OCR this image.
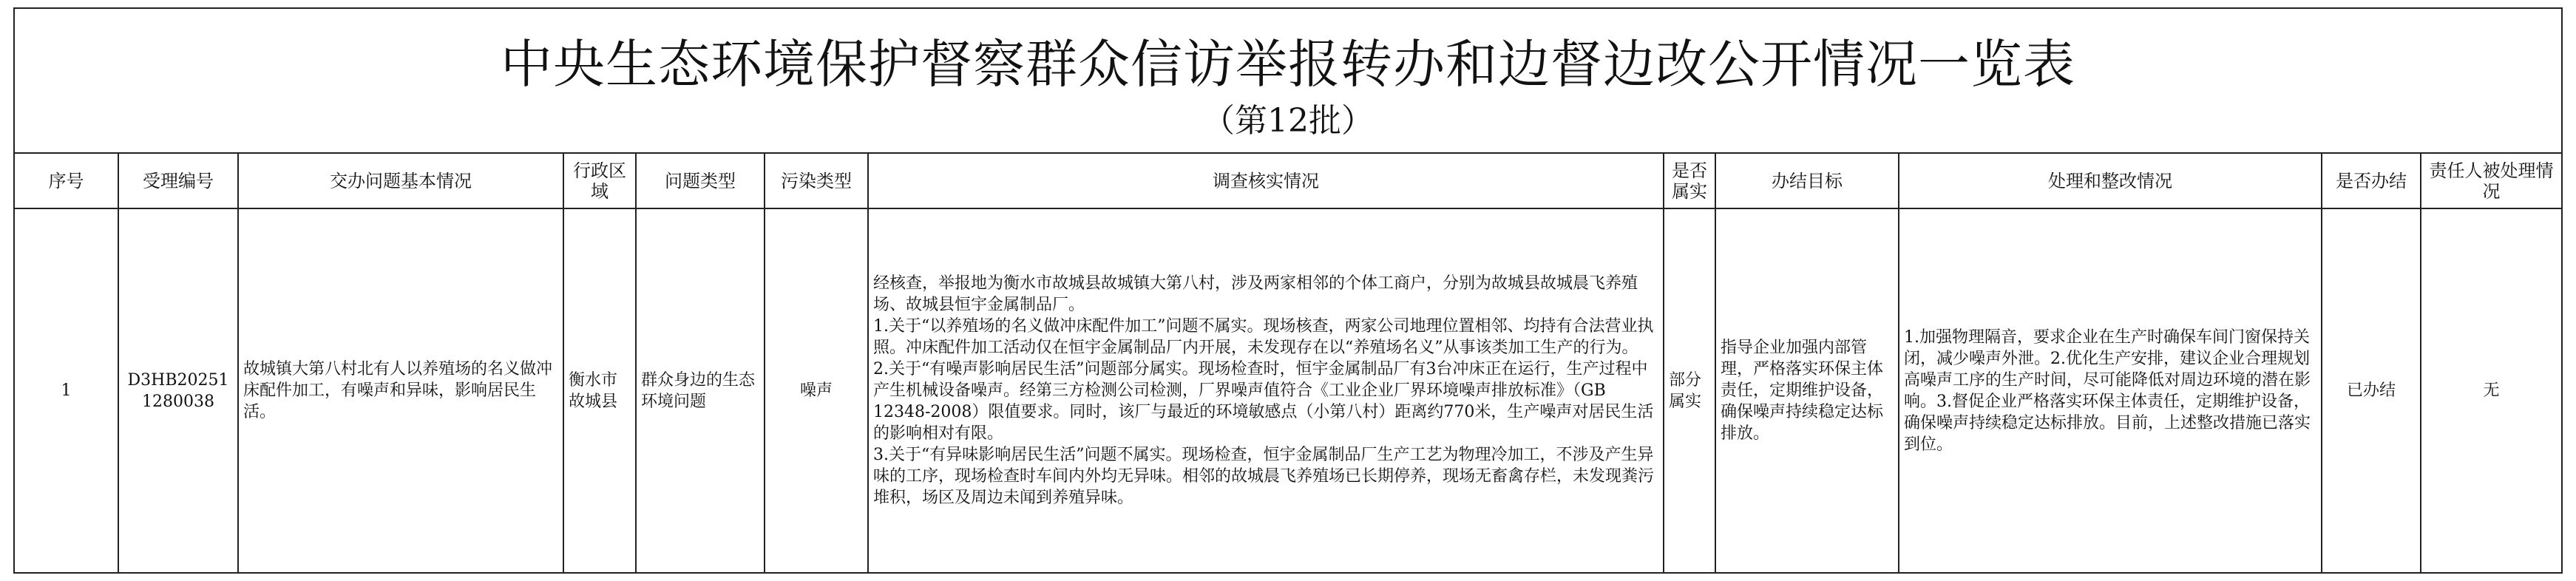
中央生态环境保护督察群众信访举报转办和边督边改公开情况一览表
（第12批）
序号	受理编号	交办问题基本情况	行政区域	问题类型	污染类型	调查核实情况	是否属实	办结目标	处理和整改情况	是否办结	责任人被处理情况
1	D3HB202511280038	故城镇大第八村北有人以养殖场的名义做冲床配件加工，有噪声和异味，影响居民生活。	衡水市故城县	群众身边的生态环境问题	噪声	经核查，举报地为衡水市故城县故城镇大第八村，涉及两家相邻的个体工商户，分别为故城县故城晨飞养殖场、故城县恒宇金属制品厂。
1.关于“以养殖场的名义做冲床配件加工”问题不属实。现场核查，两家公司地理位置相邻、均持有合法营业执照。冲床配件加工活动仅在恒宇金属制品厂内开展，未发现存在以“养殖场名义”从事该类加工生产的行为。
2.关于“有噪声影响居民生活”问题部分属实。现场检查时，恒宇金属制品厂有3台冲床正在运行，生产过程中产生机械设备噪声。经第三方检测公司检测，厂界噪声值符合《工业企业厂界环境噪声排放标准》（GB 12348-2008）限值要求。同时，该厂与最近的环境敏感点（小第八村）距离约770米，生产噪声对居民生活的影响相对有限。
3.关于“有异味影响居民生活”问题不属实。现场检查，恒宇金属制品厂生产工艺为物理冷加工，不涉及产生异味的工序，现场检查时车间内外均无异味。相邻的故城晨飞养殖场已长期停养，现场无畜禽存栏，未发现粪污堆积，场区及周边未闻到养殖异味。	部分属实	指导企业加强内部管理，严格落实环保主体责任，定期维护设备，确保噪声持续稳定达标排放。	1.加强物理隔音，要求企业在生产时确保车间门窗保持关闭，减少噪声外泄。2.优化生产安排，建议企业合理规划高噪声工序的生产时间，尽可能降低对周边环境的潜在影响。3.督促企业严格落实环保主体责任，定期维护设备，确保噪声持续稳定达标排放。目前，上述整改措施已落实到位。	已办结	无
